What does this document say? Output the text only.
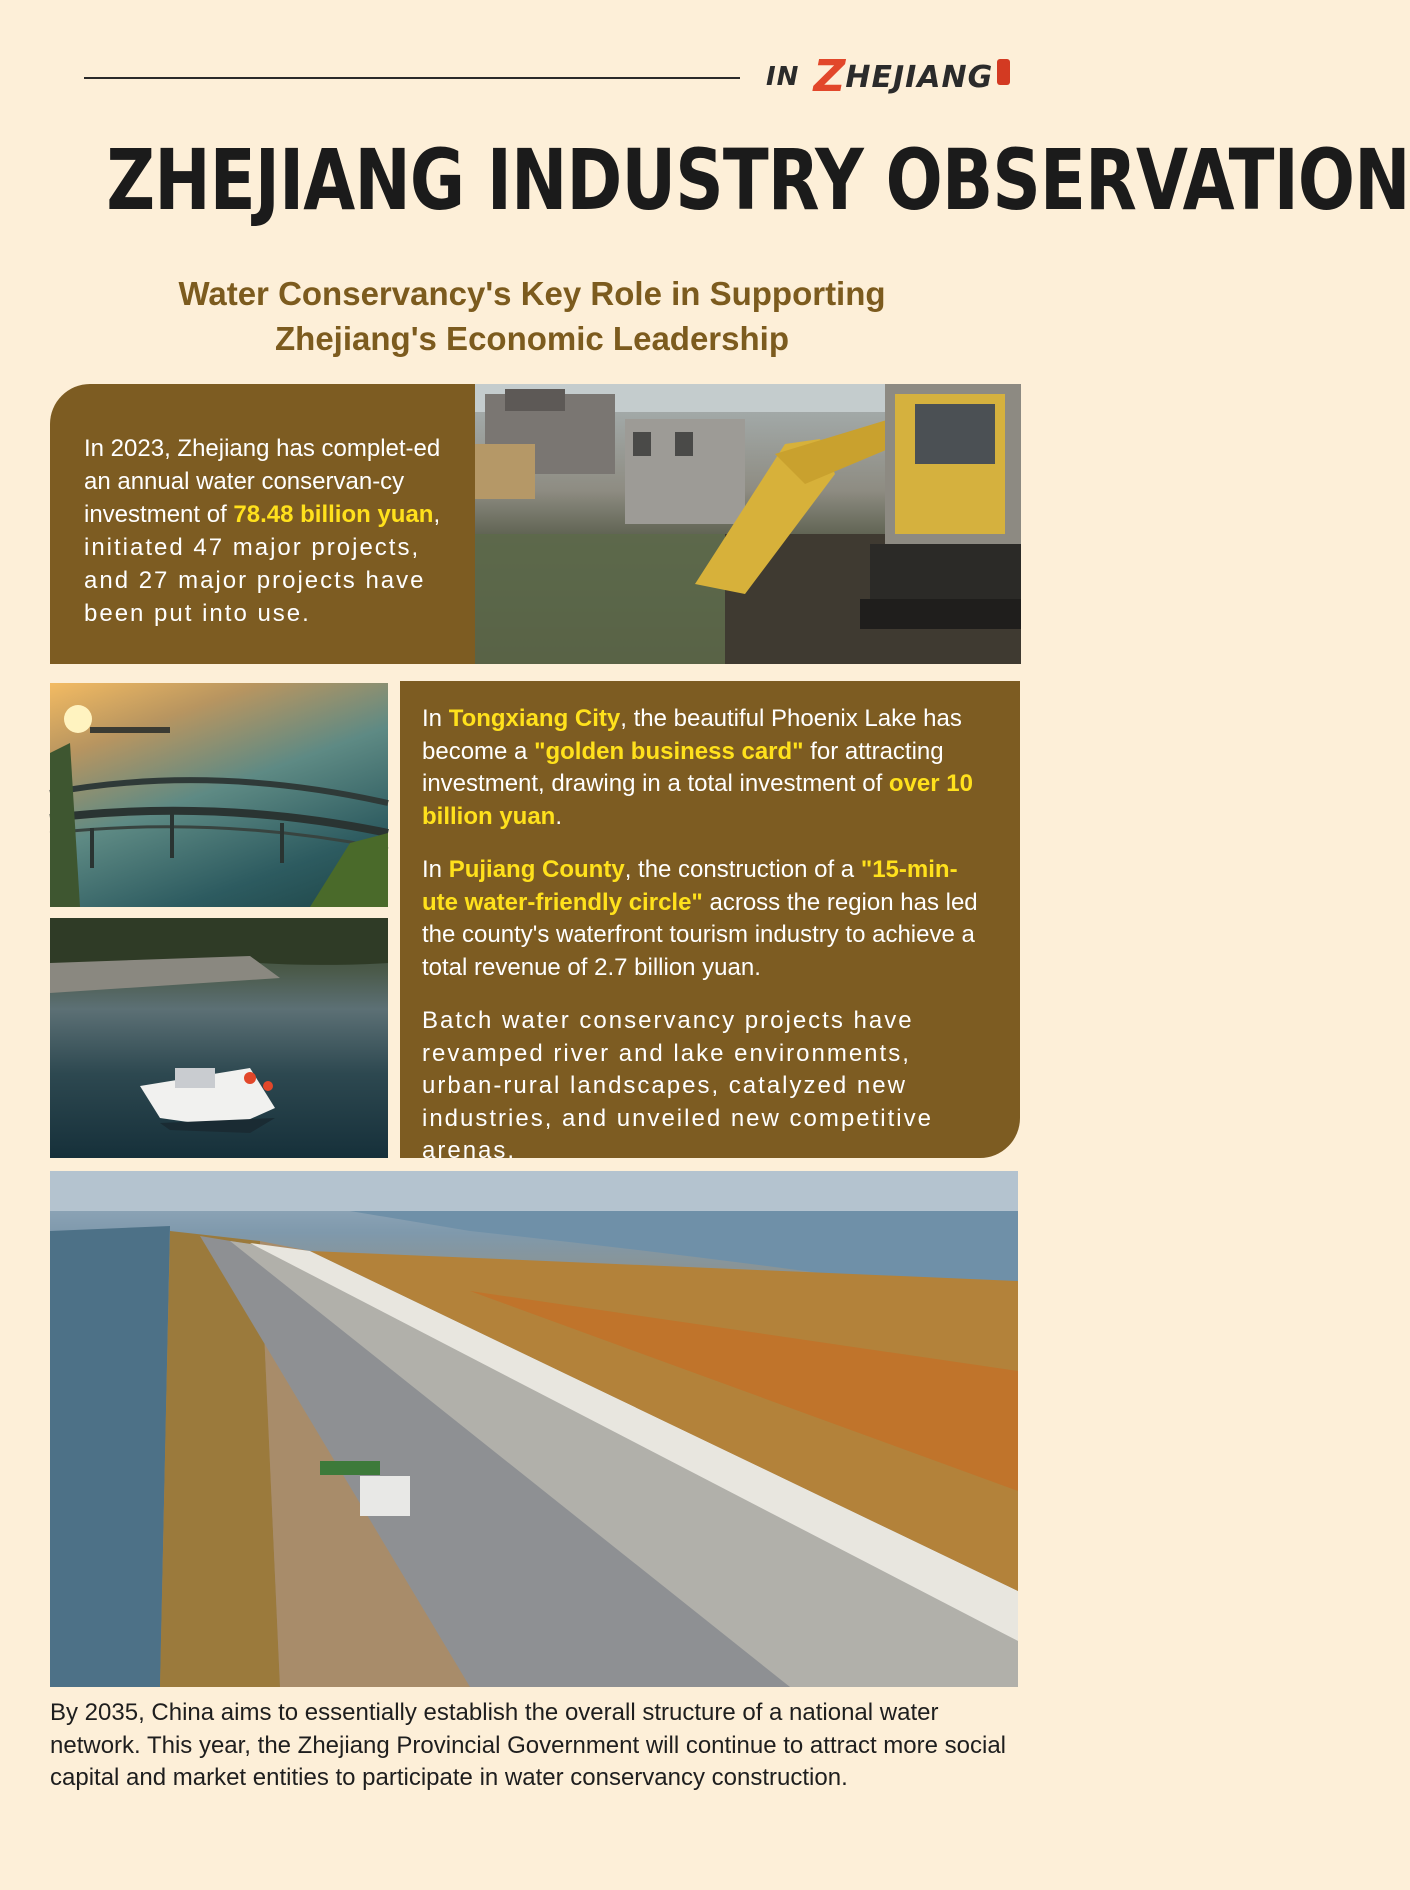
IN Z HEJIANG
ZHEJIANG INDUSTRY OBSERVATION
Water Conservancy's Key Role in Supporting
Zhejiang's Economic Leadership
In 2023, Zhejiang has complet-ed an annual water conservan-cy investment of 78.48 billion yuan, initiated 47 major projects, and 27 major projects have been put into use.

In Tongxiang City, the beautiful Phoenix Lake has become a "golden business card" for attracting investment, drawing in a total investment of over 10 billion yuan.

In Pujiang County, the construction of a "15-min-ute water-friendly circle" across the region has led the county's waterfront tourism industry to achieve a total revenue of 2.7 billion yuan.

Batch water conservancy projects have revamped river and lake environments, urban-rural landscapes, catalyzed new industries, and unveiled new competitive arenas.

By 2035, China aims to essentially establish the overall structure of a national water network. This year, the Zhejiang Provincial Government will continue to attract more social capital and market entities to participate in water conservancy construction.
